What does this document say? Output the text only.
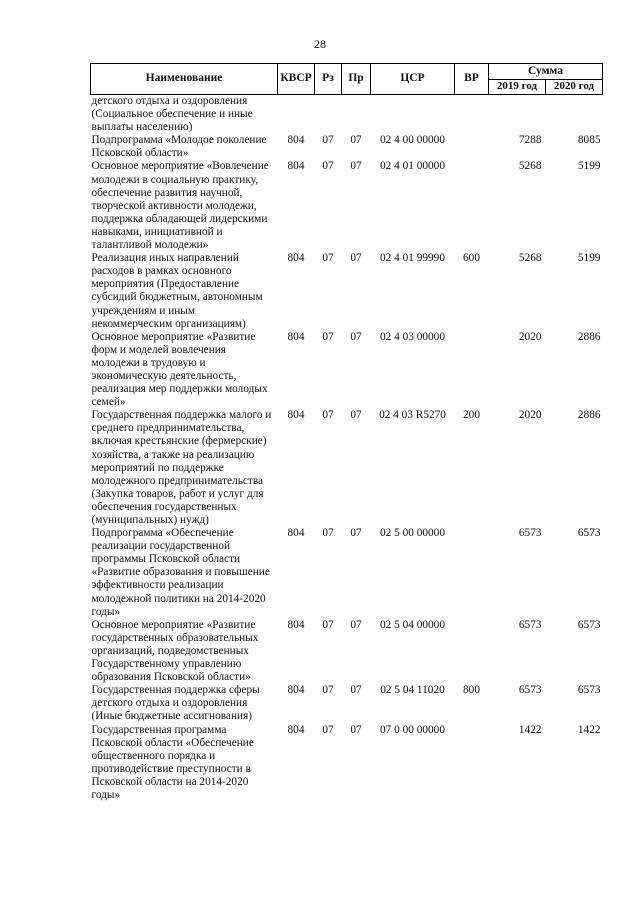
28
Наименование	КВСР	Рз	Пр	ЦСР	ВР	Сумма	
						2019 год	2020 год
детского отдыха и оздоровления (Социальное обеспечение и иные выплаты населению)							
Подпрограмма «Молодое поколение Псковской области»	804	07	07	02 4 00 00000		7288	8085
Основное мероприятие «Вовлечение молодежи в социальную практику, обеспечение развития научной, творческой активности молодежи, поддержка обладающей лидерскими навыками, инициативной и талантливой молодежи»	804	07	07	02 4 01 00000		5268	5199
Реализация иных направлений расходов в рамках основного мероприятия (Предоставление субсидий бюджетным, автономным учреждениям и иным некоммерческим организациям)	804	07	07	02 4 01 99990	600	5268	5199
Основное мероприятие «Развитие форм и моделей вовлечения молодежи в трудовую и экономическую деятельность, реализация мер поддержки молодых семей»	804	07	07	02 4 03 00000		2020	2886
Государственная поддержка малого и среднего предпринимательства, включая крестьянские (фермерские) хозяйства, а также на реализацию мероприятий по поддержке молодежного предпринимательства (Закупка товаров, работ и услуг для обеспечения государственных (муниципальных) нужд)	804	07	07	02 4 03 R5270	200	2020	2886
Подпрограмма «Обеспечение реализации государственной программы Псковской области «Развитие образования и повышение эффективности реализации молодежной политики на 2014-2020 годы»	804	07	07	02 5 00 00000		6573	6573
Основное мероприятие «Развитие государственных образовательных организаций, подведомственных Государственному управлению образования Псковской области»	804	07	07	02 5 04 00000		6573	6573
Государственная поддержка сферы детского отдыха и оздоровления (Иные бюджетные ассигнования)	804	07	07	02 5 04 11020	800	6573	6573
Государственная программа Псковской области «Обеспечение общественного порядка и противодействие преступности в Псковской области на 2014-2020 годы»	804	07	07	07 0 00 00000		1422	1422
